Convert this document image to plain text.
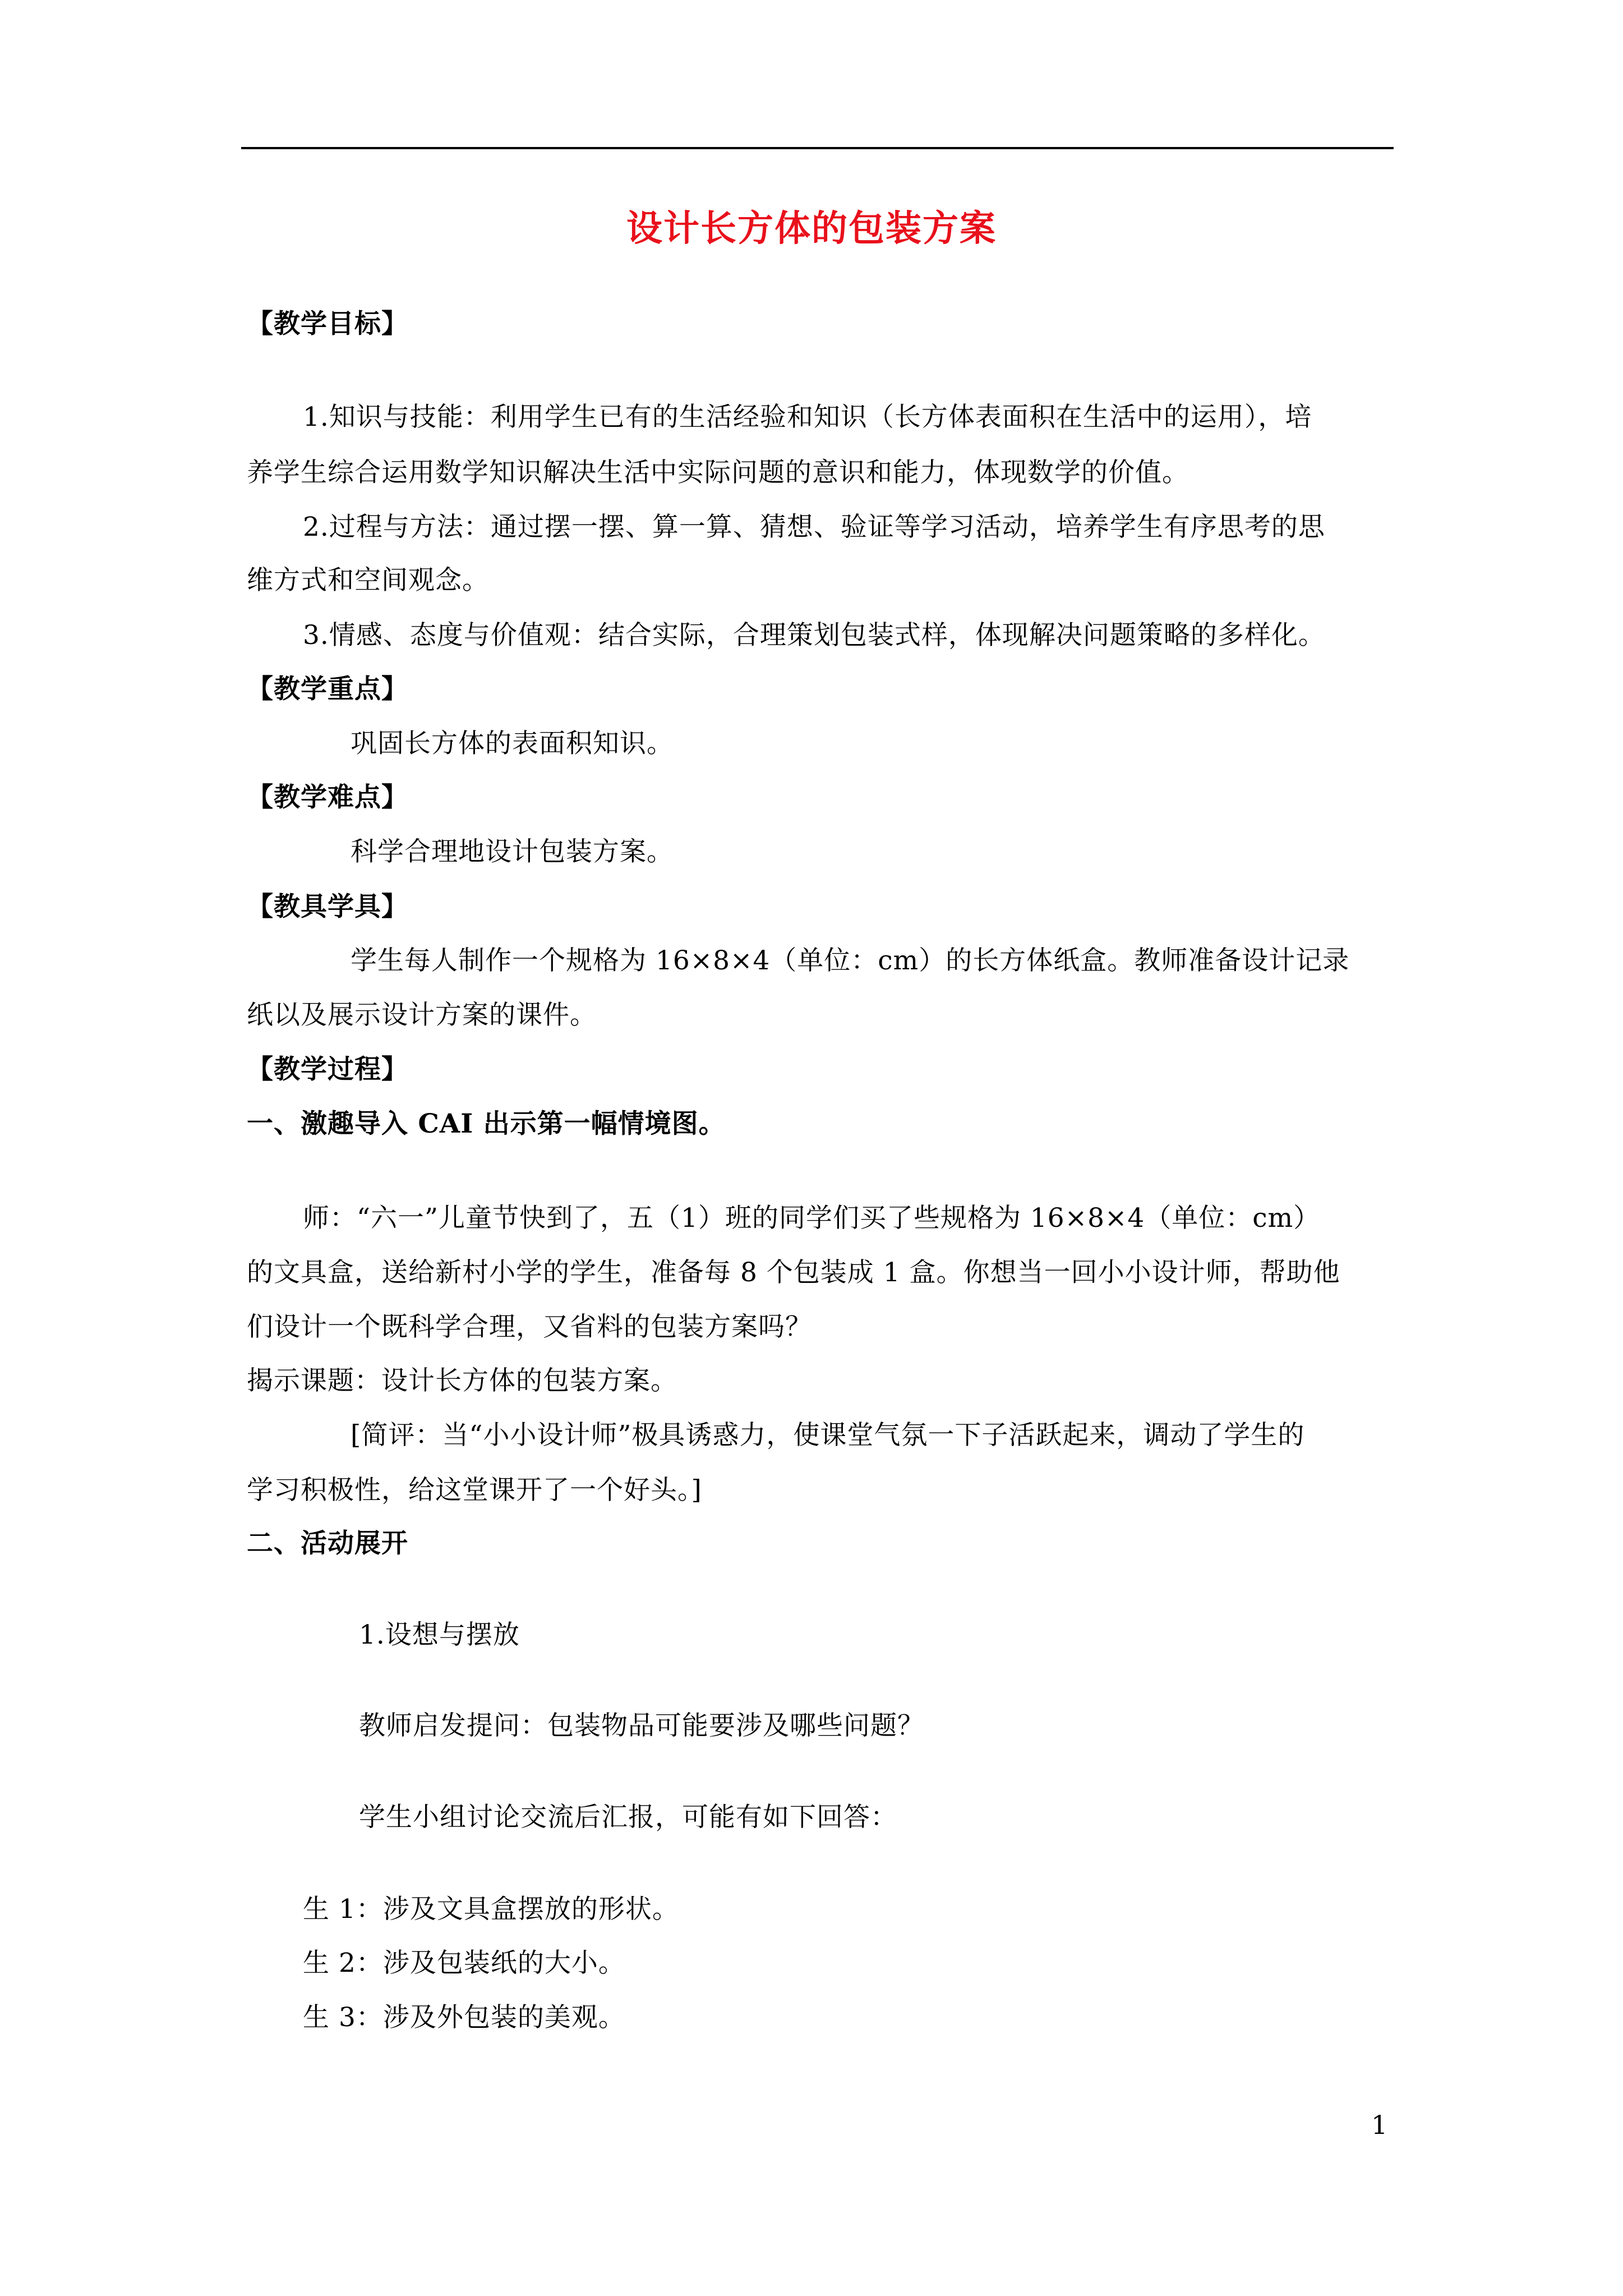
设计长方体的包装方案
【教学目标】
1.知识与技能：利用学生已有的生活经验和知识（长方体表面积在生活中的运用），培
养学生综合运用数学知识解决生活中实际问题的意识和能力，体现数学的价值。
2.过程与方法：通过摆一摆、算一算、猜想、验证等学习活动，培养学生有序思考的思
维方式和空间观念。
3.情感、态度与价值观：结合实际，合理策划包装式样，体现解决问题策略的多样化。
【教学重点】
巩固长方体的表面积知识。
【教学难点】
科学合理地设计包装方案。
【教具学具】
学生每人制作一个规格为 16×8×4（单位：cm）的长方体纸盒。教师准备设计记录
纸以及展示设计方案的课件。
【教学过程】
一、激趣导入 CAI 出示第一幅情境图。
师：“六一”儿童节快到了，五（1）班的同学们买了些规格为 16×8×4（单位：cm）
的文具盒，送给新村小学的学生，准备每 8 个包装成 1 盒。你想当一回小小设计师，帮助他
们设计一个既科学合理，又省料的包装方案吗？
揭示课题：设计长方体的包装方案。
[简评：当“小小设计师”极具诱惑力，使课堂气氛一下子活跃起来，调动了学生的
学习积极性，给这堂课开了一个好头。]
二、活动展开
1.设想与摆放
教师启发提问：包装物品可能要涉及哪些问题？
学生小组讨论交流后汇报，可能有如下回答：
生 1：涉及文具盒摆放的形状。
生 2：涉及包装纸的大小。
生 3：涉及外包装的美观。
1
